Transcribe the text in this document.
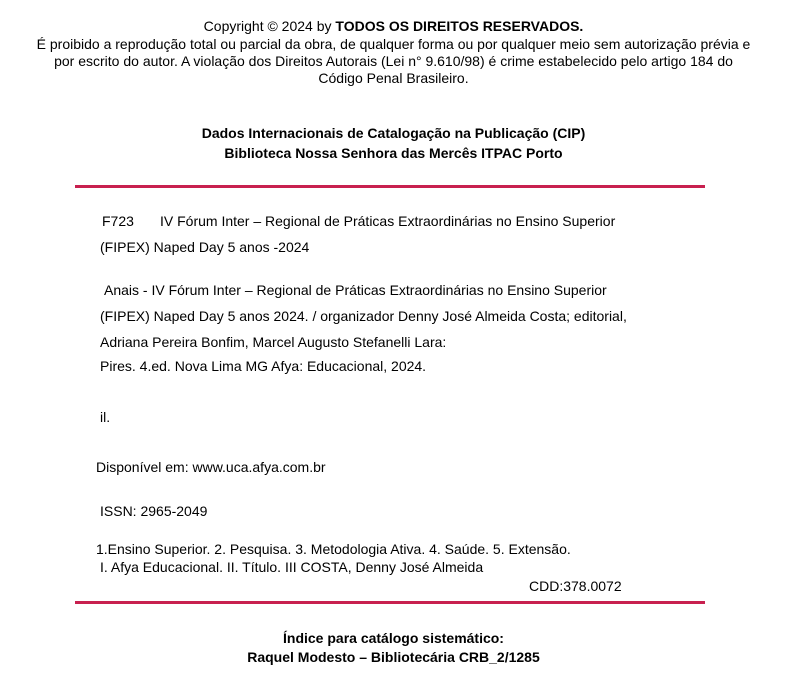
Copyright © 2024 by TODOS OS DIREITOS RESERVADOS.
É proibido a reprodução total ou parcial da obra, de qualquer forma ou por qualquer meio sem autorização prévia e
por escrito do autor. A violação dos Direitos Autorais (Lei n° 9.610/98) é crime estabelecido pelo artigo 184 do
Código Penal Brasileiro.
Dados Internacionais de Catalogação na Publicação (CIP)
Biblioteca Nossa Senhora das Mercês ITPAC Porto
F723 IV Fórum Inter – Regional de Práticas Extraordinárias no Ensino Superior
(FIPEX) Naped Day 5 anos -2024
Anais - IV Fórum Inter – Regional de Práticas Extraordinárias no Ensino Superior
(FIPEX) Naped Day 5 anos 2024. / organizador Denny José Almeida Costa; editorial,
Adriana Pereira Bonfim, Marcel Augusto Stefanelli Lara:
Pires. 4.ed. Nova Lima MG Afya: Educacional, 2024.
il.
Disponível em: www.uca.afya.com.br
ISSN: 2965-2049
1.Ensino Superior. 2. Pesquisa. 3. Metodologia Ativa. 4. Saúde. 5. Extensão.
I. Afya Educacional. II. Título. III COSTA, Denny José Almeida
CDD:378.0072
Índice para catálogo sistemático:
Raquel Modesto – Bibliotecária CRB_2/1285
